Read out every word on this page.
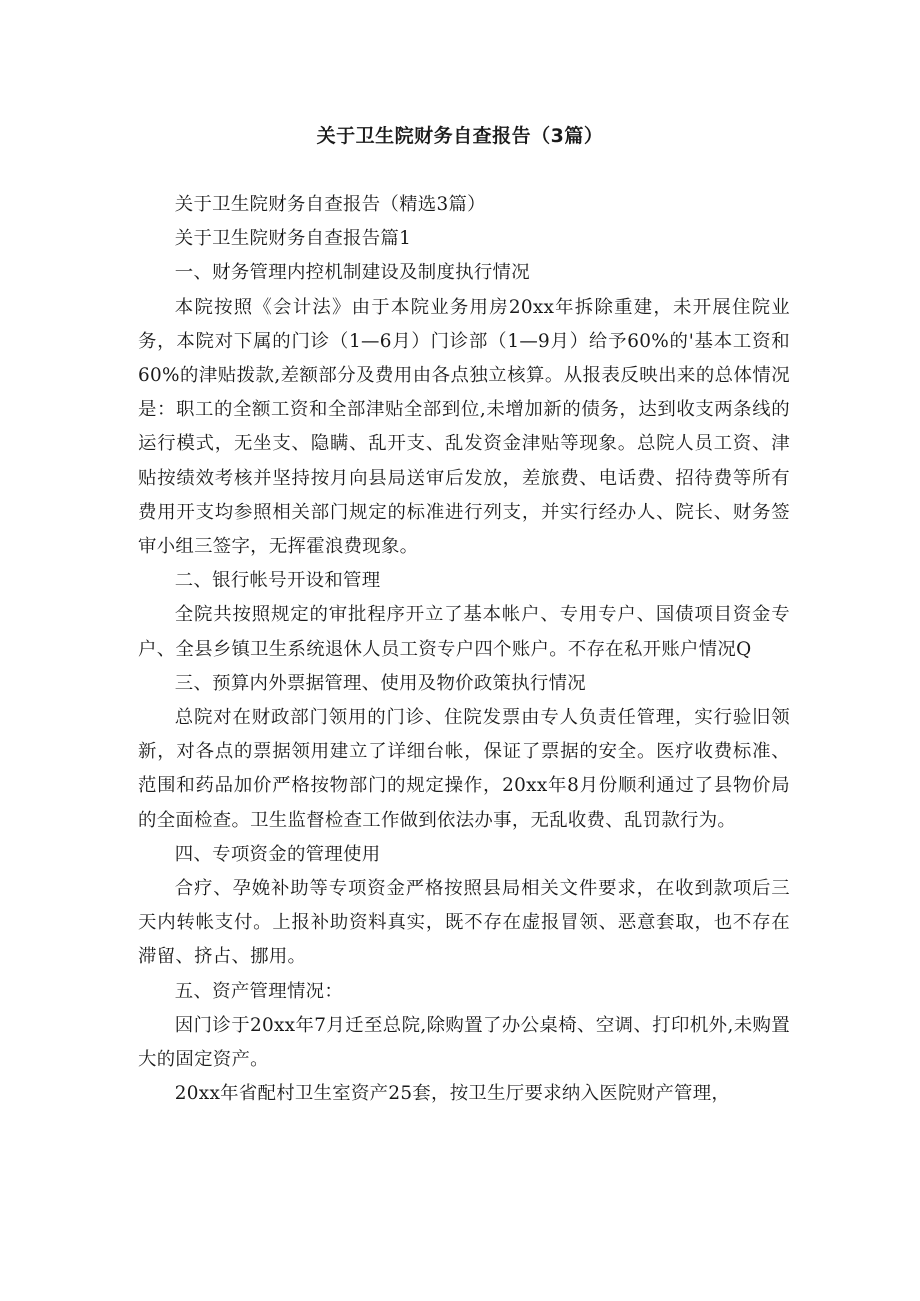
关于卫生院财务自查报告（3篇）

关于卫生院财务自查报告（精选3篇）

关于卫生院财务自查报告篇1

一、财务管理内控机制建设及制度执行情况

本院按照《会计法》由于本院业务用房20xx年拆除重建，未开展住院业务，本院对下属的门诊（1—6月）门诊部（1—9月）给予60%的'基本工资和60%的津贴拨款,差额部分及费用由各点独立核算。从报表反映出来的总体情况是：职工的全额工资和全部津贴全部到位,未增加新的债务，达到收支两条线的运行模式，无坐支、隐瞒、乱开支、乱发资金津贴等现象。总院人员工资、津贴按绩效考核并坚持按月向县局送审后发放，差旅费、电话费、招待费等所有费用开支均参照相关部门规定的标准进行列支，并实行经办人、院长、财务签审小组三签字，无挥霍浪费现象。

二、银行帐号开设和管理

全院共按照规定的审批程序开立了基本帐户、专用专户、国债项目资金专户、全县乡镇卫生系统退休人员工资专户四个账户。不存在私开账户情况Q

三、预算内外票据管理、使用及物价政策执行情况

总院对在财政部门领用的门诊、住院发票由专人负责任管理，实行验旧领新，对各点的票据领用建立了详细台帐，保证了票据的安全。医疗收费标准、范围和药品加价严格按物部门的规定操作，20xx年8月份顺利通过了县物价局的全面检查。卫生监督检查工作做到依法办事，无乱收费、乱罚款行为。

四、专项资金的管理使用

合疗、孕娩补助等专项资金严格按照县局相关文件要求，在收到款项后三天内转帐支付。上报补助资料真实，既不存在虚报冒领、恶意套取，也不存在滞留、挤占、挪用。

五、资产管理情况：

因门诊于20xx年7月迁至总院,除购置了办公桌椅、空调、打印机外,未购置大的固定资产。

20xx年省配村卫生室资产25套，按卫生厅要求纳入医院财产管理，
